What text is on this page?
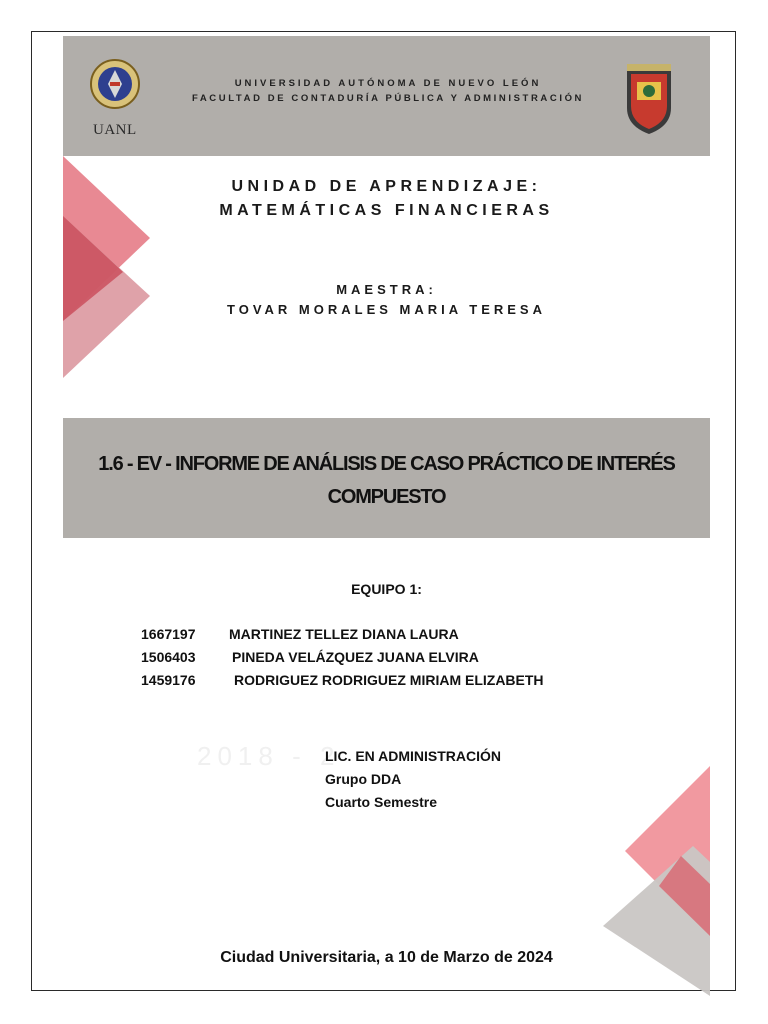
UANL
UNIVERSIDAD AUTÓNOMA DE NUEVO LEÓN
FACULTAD DE CONTADURÍA PÚBLICA Y ADMINISTRACIÓN
UNIDAD DE APRENDIZAJE:
MATEMÁTICAS FINANCIERAS
MAESTRA:
TOVAR MORALES MARIA TERESA
1.6 - EV - INFORME DE ANÁLISIS DE CASO PRÁCTICO DE INTERÉS COMPUESTO
EQUIPO 1:
1667197 MARTINEZ TELLEZ DIANA LAURA
1506403	PINEDA VELÁZQUEZ JUANA ELVIRA
1459176	RODRIGUEZ RODRIGUEZ MIRIAM ELIZABETH
2018 - 2
LIC. EN ADMINISTRACIÓN
Grupo DDA
Cuarto Semestre
Ciudad Universitaria, a 10 de Marzo de 2024
